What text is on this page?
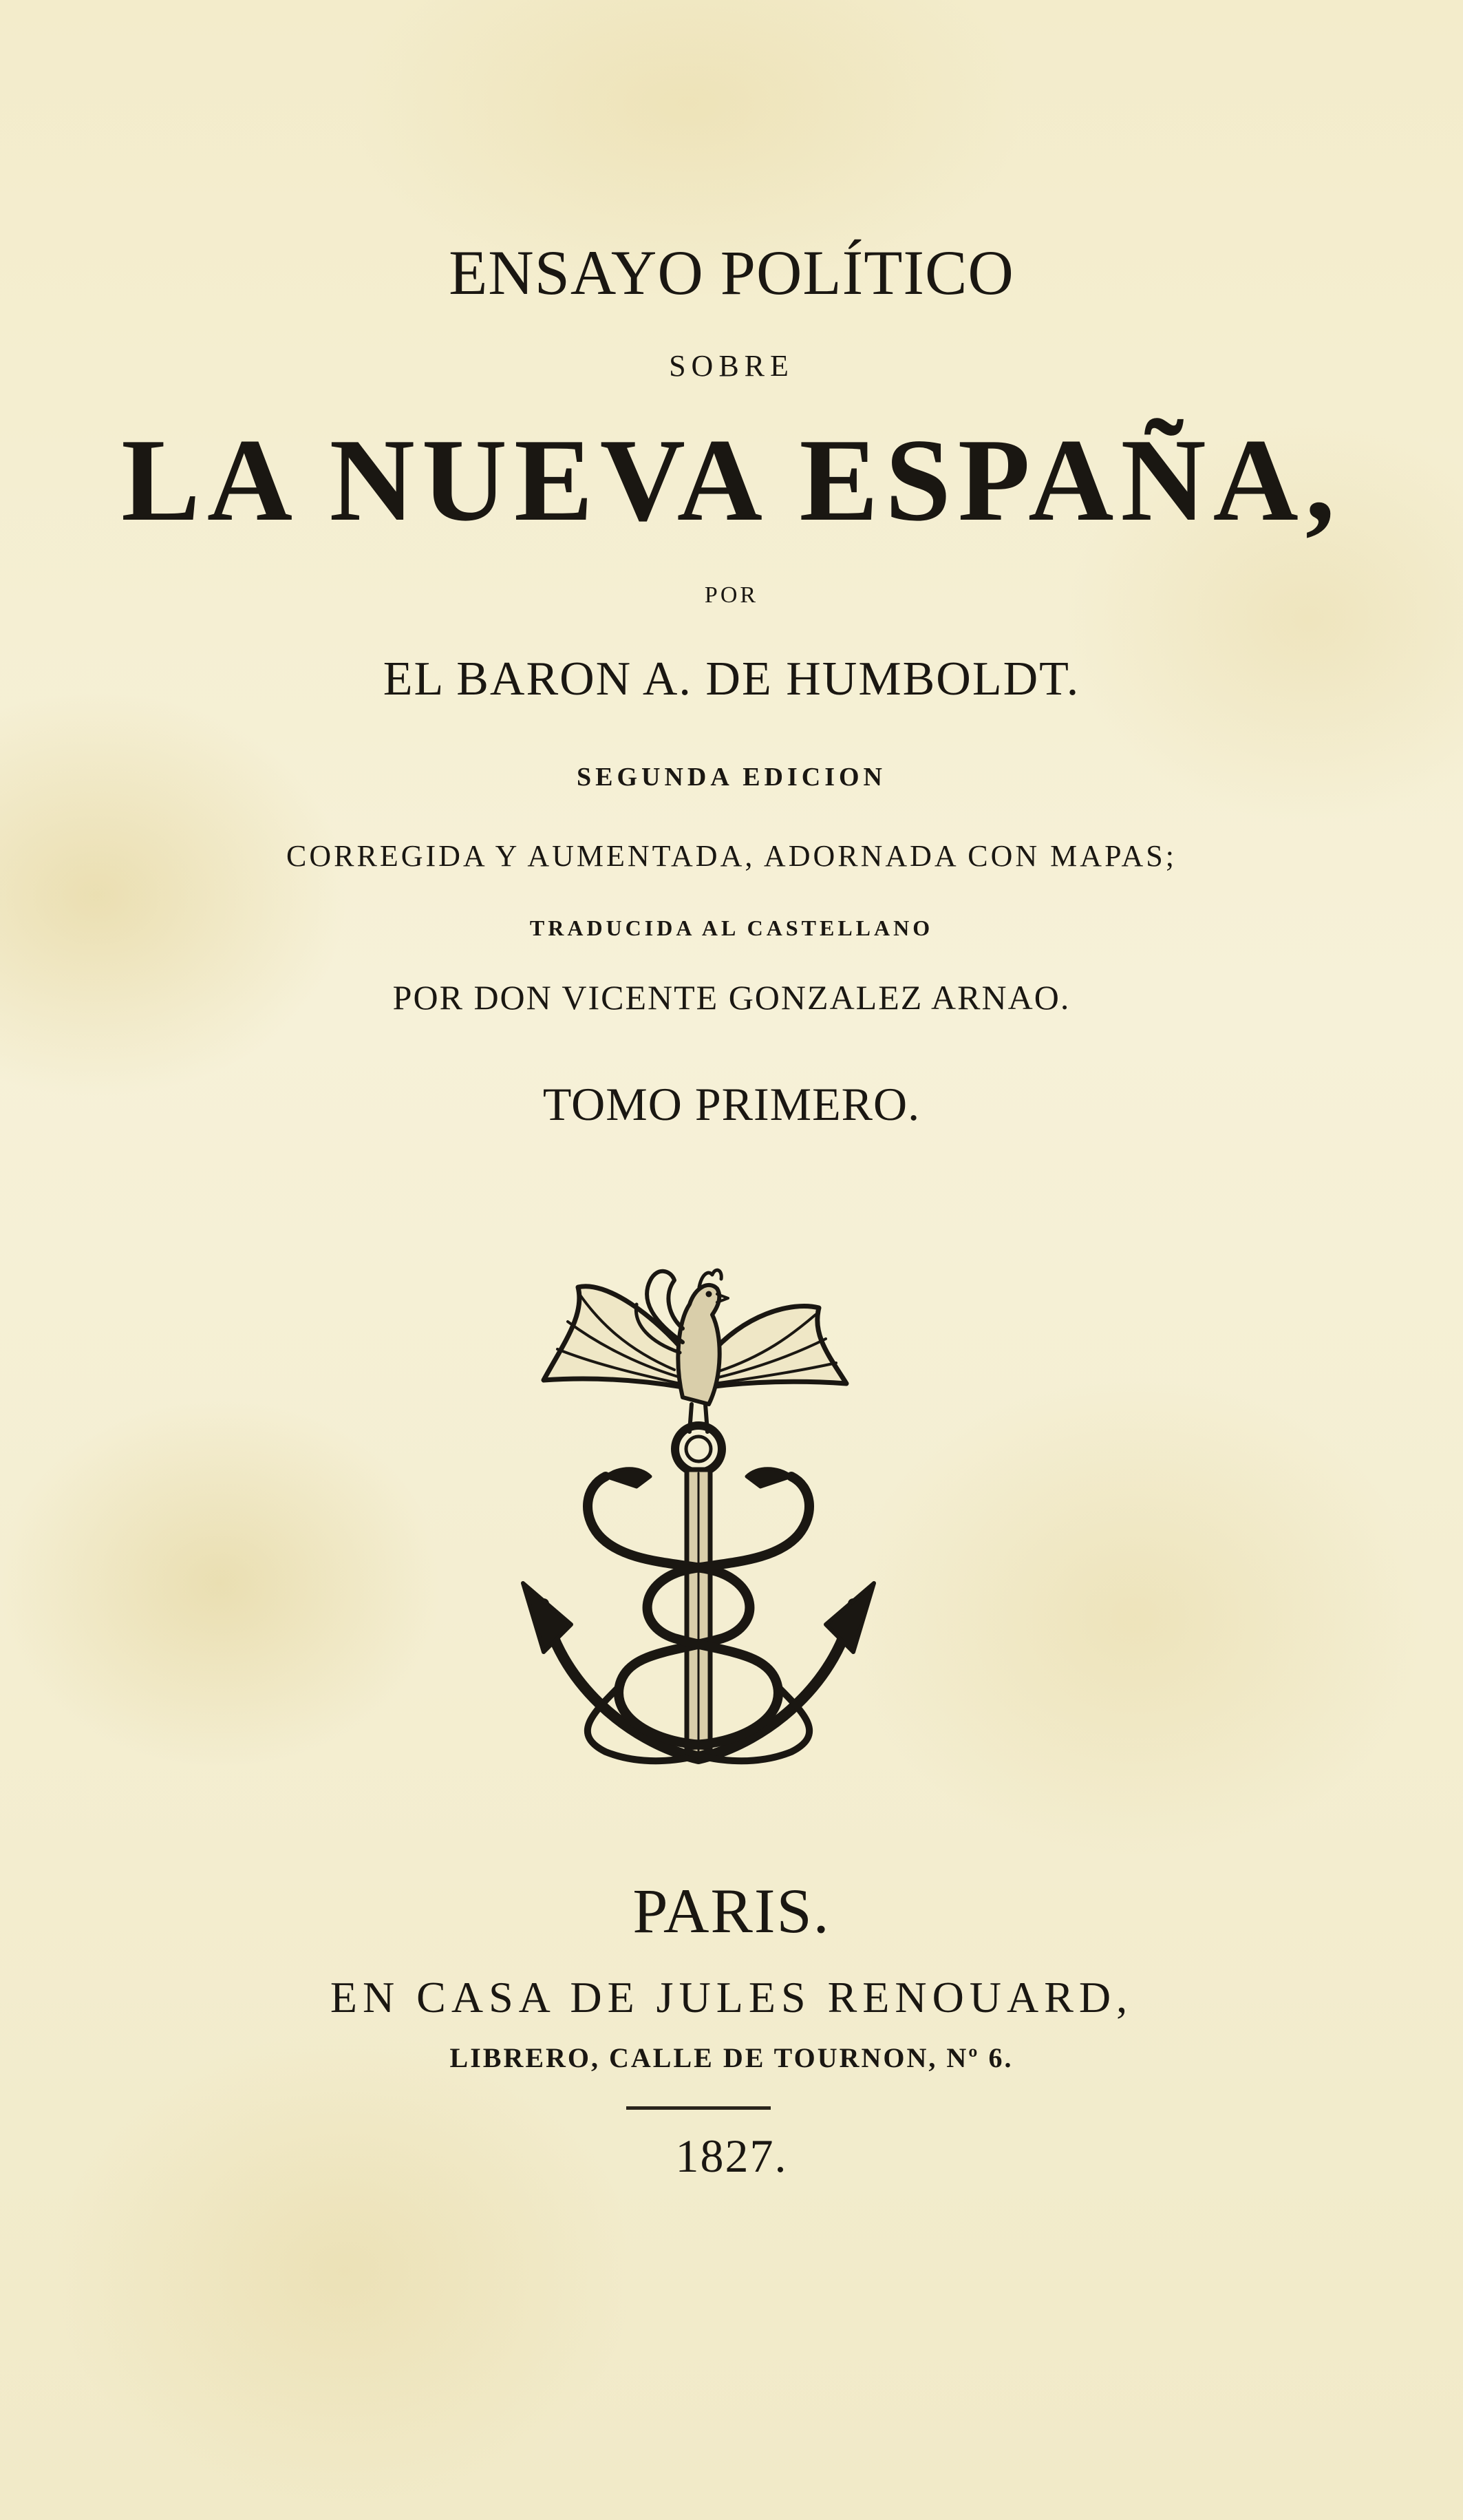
ENSAYO POLÍTICO
SOBRE
LA NUEVA ESPAÑA,
POR
EL BARON A. DE HUMBOLDT.
SEGUNDA EDICION
CORREGIDA Y AUMENTADA, ADORNADA CON MAPAS;
TRADUCIDA AL CASTELLANO
POR DON VICENTE GONZALEZ ARNAO.
TOMO PRIMERO.
PARIS.
EN CASA DE JULES RENOUARD,
LIBRERO, CALLE DE TOURNON, Nº 6.
1827.
